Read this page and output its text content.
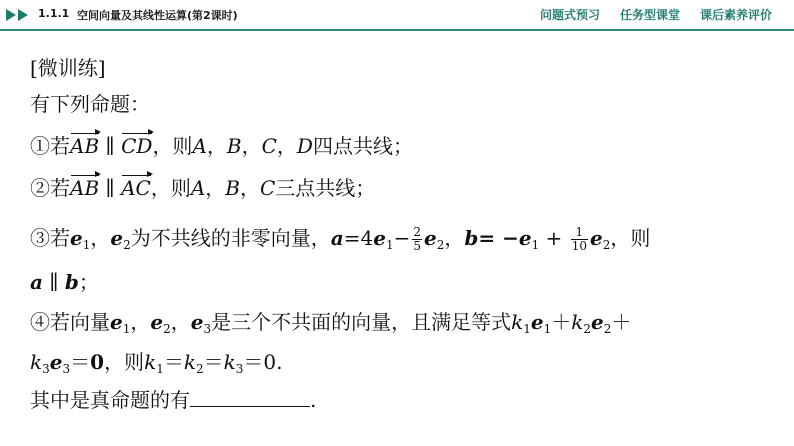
1.1.1 空间向量及其线性运算(第2课时)	问题式预习 任务型课堂 课后素养评价
[微训练]
有下列命题：
①若AB ∥ CD，则A，B，C，D四点共线；
②若AB ∥ AC，则A，B，C三点共线；
③若$e_1$，$e_2$为不共线的非零向量，$a=4e_1- \frac{2}{5} e_2$，$b= -e_1 + \frac{1}{10} e_2$，则
a ∥ b；
④若向量$e_1$，$e_2$，$e_3$是三个不共面的向量，且满足等式$k_1e_1+k_2e_2+$
$k_3e_3=0$，则$k_1=k_2=k_3=0$.
其中是真命题的有	.
